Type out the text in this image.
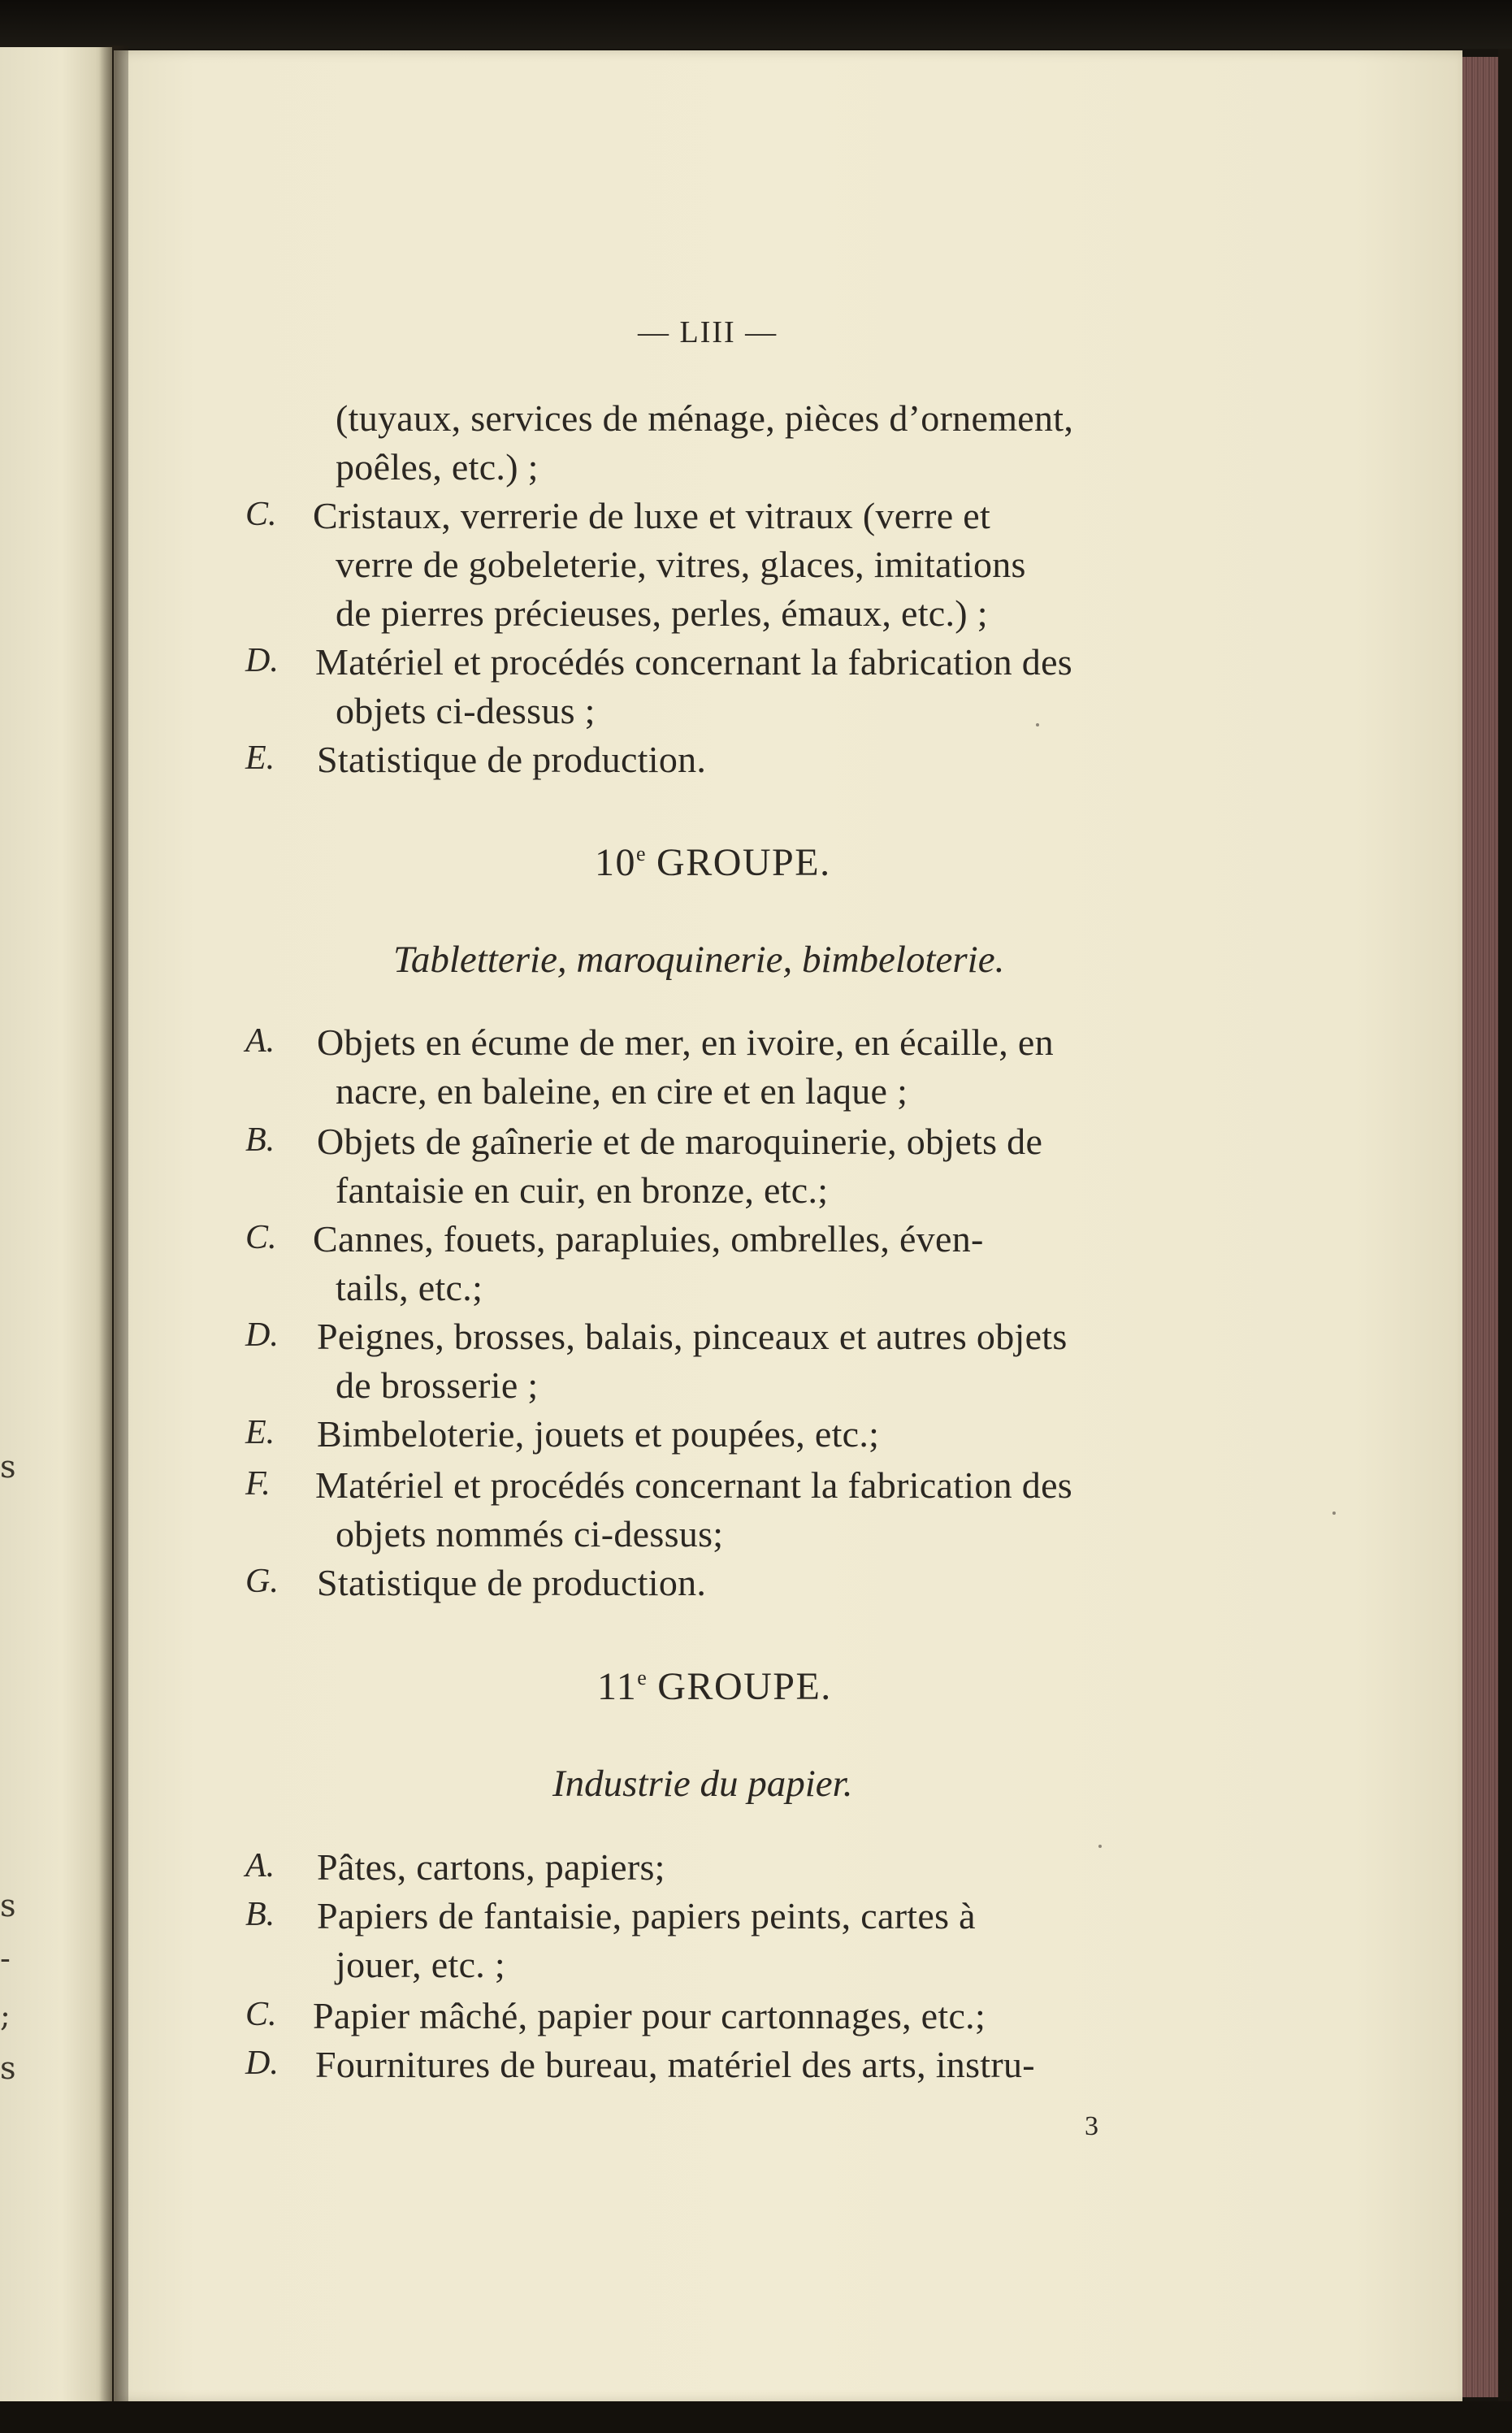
s
s
-
;
s
— LIII —
(tuyaux, services de ménage, pièces d’ornement,
poêles, etc.) ;
C. Cristaux, verrerie de luxe et vitraux (verre et
verre de gobeleterie, vitres, glaces, imitations
de pierres précieuses, perles, émaux, etc.) ;
D. Matériel et procédés concernant la fabrication des
objets ci-dessus ;
E. Statistique de production.
10e GROUPE.
Tabletterie, maroquinerie, bimbeloterie.
A. Objets en écume de mer, en ivoire, en écaille, en
nacre, en baleine, en cire et en laque ;
B. Objets de gaînerie et de maroquinerie, objets de
fantaisie en cuir, en bronze, etc.;
C. Cannes, fouets, parapluies, ombrelles, éven-
tails, etc.;
D. Peignes, brosses, balais, pinceaux et autres objets
de brosserie ;
E. Bimbeloterie, jouets et poupées, etc.;
F. Matériel et procédés concernant la fabrication des
objets nommés ci-dessus;
G. Statistique de production.
11e GROUPE.
Industrie du papier.
A. Pâtes, cartons, papiers;
B. Papiers de fantaisie, papiers peints, cartes à
jouer, etc. ;
C. Papier mâché, papier pour cartonnages, etc.;
D. Fournitures de bureau, matériel des arts, instru-
3
